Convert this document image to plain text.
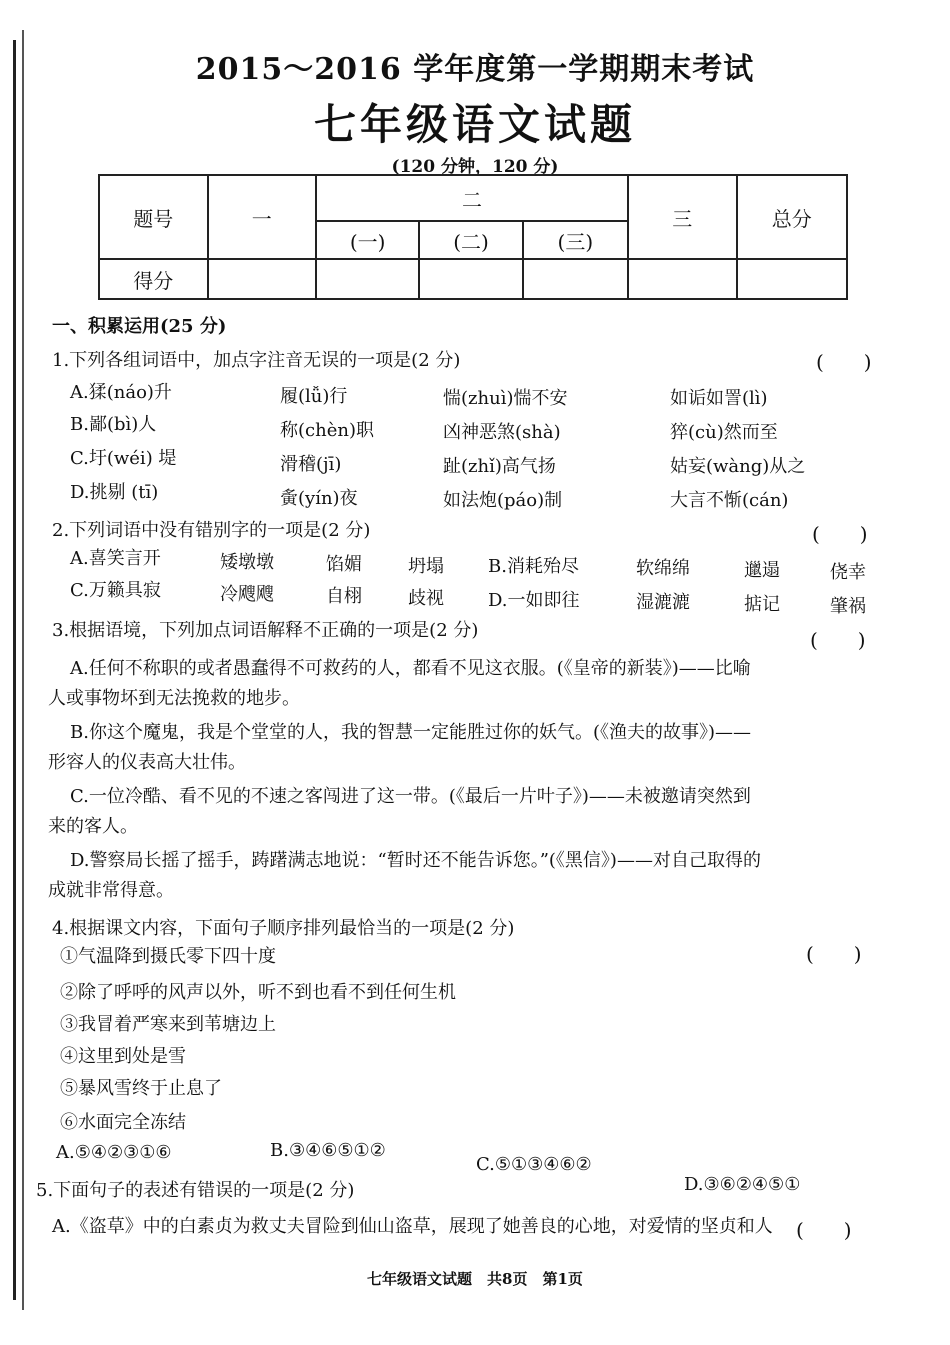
2015～2016 学年度第一学期期末考试
七年级语文试题
(120 分钟，120 分)
题号	一	二			三	总分
		(一)	(二)	(三)		
得分						
一、积累运用(25 分)
1.下列各组词语中，加点字注音无误的一项是(2 分)	(　　)
A.猱(náo)升	履(lǚ)行	惴(zhuì)惴不安	如诟如詈(lì)
B.鄙(bì)人	称(chèn)职	凶神恶煞(shà)	猝(cù)然而至
C.圩(wéi) 堤	滑稽(jī)	趾(zhǐ)高气扬	姑妄(wàng)从之
D.挑剔 (tī)	夤(yín)夜	如法炮(páo)制	大言不惭(cán)
2.下列词语中没有错别字的一项是(2 分)	(　　)
A.喜笑言开	矮墩墩	馅媚	坍塌 B.消耗殆尽	软绵绵	邋遢	侥幸
C.万籁具寂	冷飕飕	自栩	歧视 D.一如即往	湿漉漉	掂记	肇祸
3.根据语境，下列加点词语解释不正确的一项是(2 分)	(　　)
A.任何不称职的或者愚蠢得不可救药的人，都看不见这衣服。(《皇帝的新装》)——比喻
人或事物坏到无法挽救的地步。
B.你这个魔鬼，我是个堂堂的人，我的智慧一定能胜过你的妖气。(《渔夫的故事》)——
形容人的仪表高大壮伟。
C.一位冷酷、看不见的不速之客闯进了这一带。(《最后一片叶子》)——未被邀请突然到
来的客人。
D.警察局长摇了摇手，踌躇满志地说：“暂时还不能告诉您。”(《黑信》)——对自己取得的
成就非常得意。
4.根据课文内容，下面句子顺序排列最恰当的一项是(2 分)
(　　)
①气温降到摄氏零下四十度
②除了呼呼的风声以外，听不到也看不到任何生机
③我冒着严寒来到苇塘边上
④这里到处是雪
⑤暴风雪终于止息了
⑥水面完全冻结
A.⑤④②③①⑥	B.③④⑥⑤①②
C.⑤①③④⑥②
D.③⑥②④⑤①
5.下面句子的表述有错误的一项是(2 分)
(　　)
A.《盗草》中的白素贞为救丈夫冒险到仙山盗草，展现了她善良的心地，对爱情的坚贞和人
七年级语文试题　共8页　第1页
